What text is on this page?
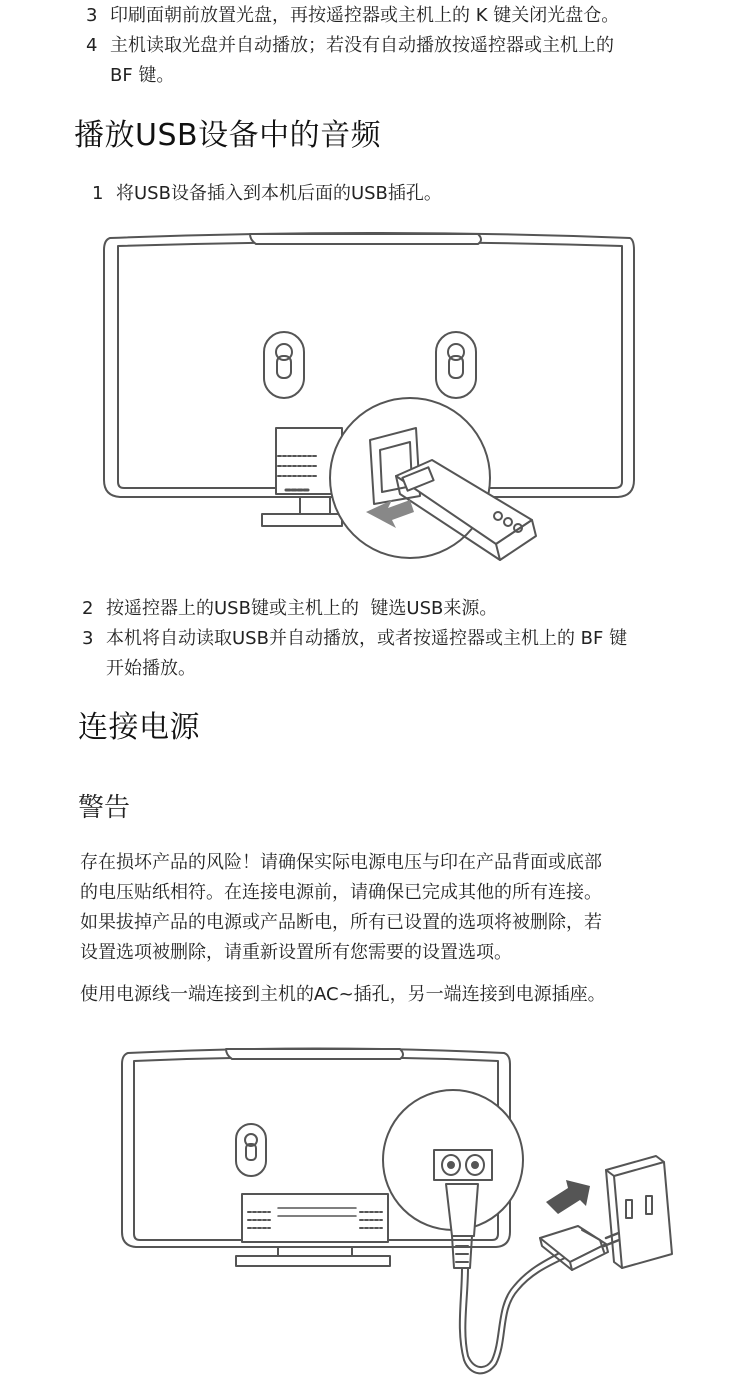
3 印刷面朝前放置光盘，再按遥控器或主机上的 K 键关闭光盘仓。
4 主机读取光盘并自动播放；若没有自动播放按遥控器或主机上的
BF 键。
播放USB设备中的音频
1 将USB设备插入到本机后面的USB插孔。
2 按遥控器上的USB键或主机上的  键选USB来源。
3 本机将自动读取USB并自动播放，或者按遥控器或主机上的 BF 键
开始播放。
连接电源
警告
存在损坏产品的风险！请确保实际电源电压与印在产品背面或底部
的电压贴纸相符。在连接电源前，请确保已完成其他的所有连接。
如果拔掉产品的电源或产品断电，所有已设置的选项将被删除，若
设置选项被删除，请重新设置所有您需要的设置选项。
使用电源线一端连接到主机的AC~插孔，另一端连接到电源插座。
